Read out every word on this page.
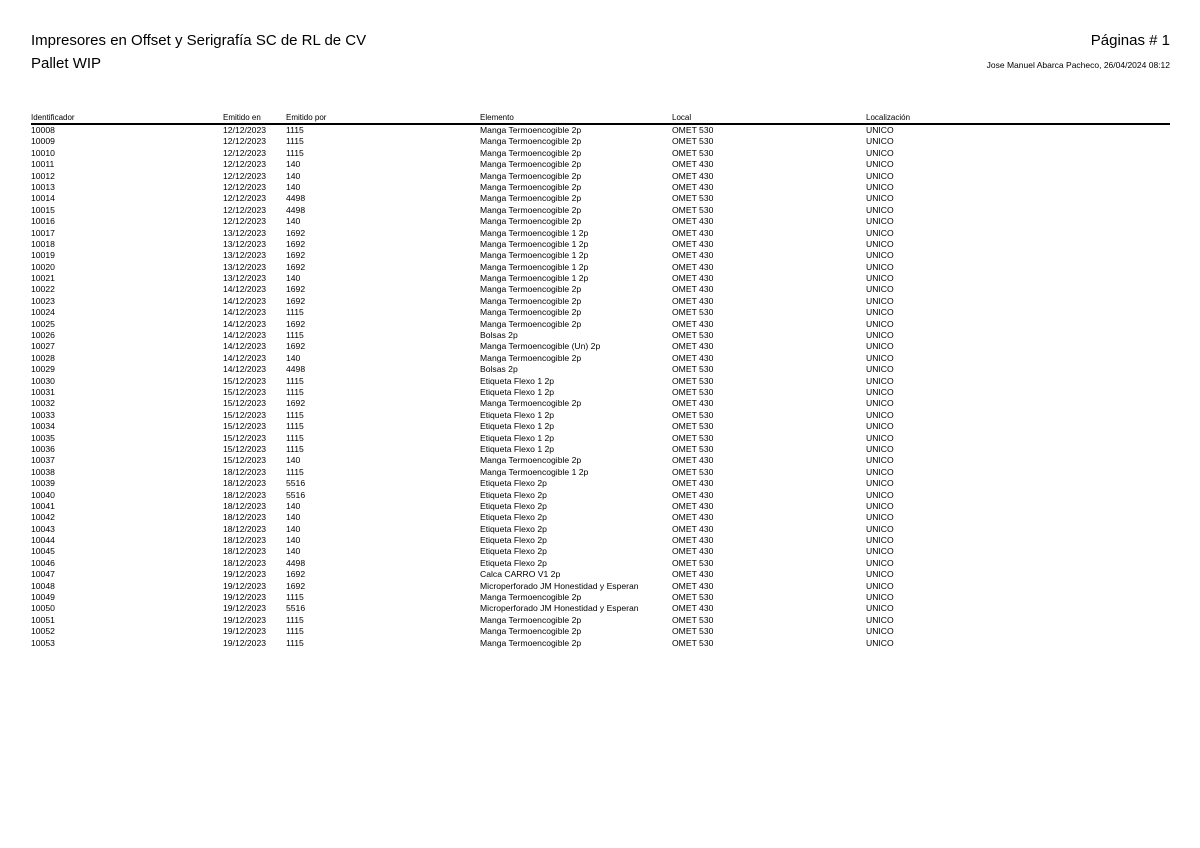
Impresores en Offset y Serigrafía SC de RL de CV
Pallet WIP
Páginas # 1
Jose Manuel Abarca Pacheco, 26/04/2024 08:12
Identificador	Emitido en	Emitido por	Elemento	Local	Localización
10008	12/12/2023 1115	Manga Termoencogible 2p	OMET 530	UNICO
10009	12/12/2023 1115	Manga Termoencogible 2p	OMET 530	UNICO
10010	12/12/2023 1115	Manga Termoencogible 2p	OMET 530	UNICO
10011	12/12/2023 140	Manga Termoencogible 2p	OMET 430	UNICO
10012	12/12/2023 140	Manga Termoencogible 2p	OMET 430	UNICO
10013	12/12/2023 140	Manga Termoencogible 2p	OMET 430	UNICO
10014	12/12/2023 4498	Manga Termoencogible 2p	OMET 530	UNICO
10015	12/12/2023 4498	Manga Termoencogible 2p	OMET 530	UNICO
10016	12/12/2023 140	Manga Termoencogible 2p	OMET 430	UNICO
10017	13/12/2023 1692	Manga Termoencogible 1 2p	OMET 430	UNICO
10018	13/12/2023 1692	Manga Termoencogible 1 2p	OMET 430	UNICO
10019	13/12/2023 1692	Manga Termoencogible 1 2p	OMET 430	UNICO
10020	13/12/2023 1692	Manga Termoencogible 1 2p	OMET 430	UNICO
10021	13/12/2023 140	Manga Termoencogible 1 2p	OMET 430	UNICO
10022	14/12/2023 1692	Manga Termoencogible 2p	OMET 430	UNICO
10023	14/12/2023 1692	Manga Termoencogible 2p	OMET 430	UNICO
10024	14/12/2023 1115	Manga Termoencogible 2p	OMET 530	UNICO
10025	14/12/2023 1692	Manga Termoencogible 2p	OMET 430	UNICO
10026	14/12/2023 1115	Bolsas 2p	OMET 530	UNICO
10027	14/12/2023 1692	Manga Termoencogible (Un) 2p	OMET 430	UNICO
10028	14/12/2023 140	Manga Termoencogible 2p	OMET 430	UNICO
10029	14/12/2023 4498	Bolsas 2p	OMET 530	UNICO
10030	15/12/2023 1115	Etiqueta Flexo 1 2p	OMET 530	UNICO
10031	15/12/2023 1115	Etiqueta Flexo 1 2p	OMET 530	UNICO
10032	15/12/2023 1692	Manga Termoencogible 2p	OMET 430	UNICO
10033	15/12/2023 1115	Etiqueta Flexo 1 2p	OMET 530	UNICO
10034	15/12/2023 1115	Etiqueta Flexo 1 2p	OMET 530	UNICO
10035	15/12/2023 1115	Etiqueta Flexo 1 2p	OMET 530	UNICO
10036	15/12/2023 1115	Etiqueta Flexo 1 2p	OMET 530	UNICO
10037	15/12/2023 140	Manga Termoencogible 2p	OMET 430	UNICO
10038	18/12/2023 1115	Manga Termoencogible 1 2p	OMET 530	UNICO
10039	18/12/2023 5516	Etiqueta Flexo 2p	OMET 430	UNICO
10040	18/12/2023 5516	Etiqueta Flexo 2p	OMET 430	UNICO
10041	18/12/2023 140	Etiqueta Flexo 2p	OMET 430	UNICO
10042	18/12/2023 140	Etiqueta Flexo 2p	OMET 430	UNICO
10043	18/12/2023 140	Etiqueta Flexo 2p	OMET 430	UNICO
10044	18/12/2023 140	Etiqueta Flexo 2p	OMET 430	UNICO
10045	18/12/2023 140	Etiqueta Flexo 2p	OMET 430	UNICO
10046	18/12/2023 4498	Etiqueta Flexo 2p	OMET 530	UNICO
10047	19/12/2023 1692	Calca CARRO V1 2p	OMET 430	UNICO
10048	19/12/2023 1692	Microperforado JM Honestidad y Esperan	OMET 430	UNICO
10049	19/12/2023 1115	Manga Termoencogible 2p	OMET 530	UNICO
10050	19/12/2023 5516	Microperforado JM Honestidad y Esperan	OMET 430	UNICO
10051	19/12/2023 1115	Manga Termoencogible 2p	OMET 530	UNICO
10052	19/12/2023 1115	Manga Termoencogible 2p	OMET 530	UNICO
10053	19/12/2023 1115	Manga Termoencogible 2p	OMET 530	UNICO
